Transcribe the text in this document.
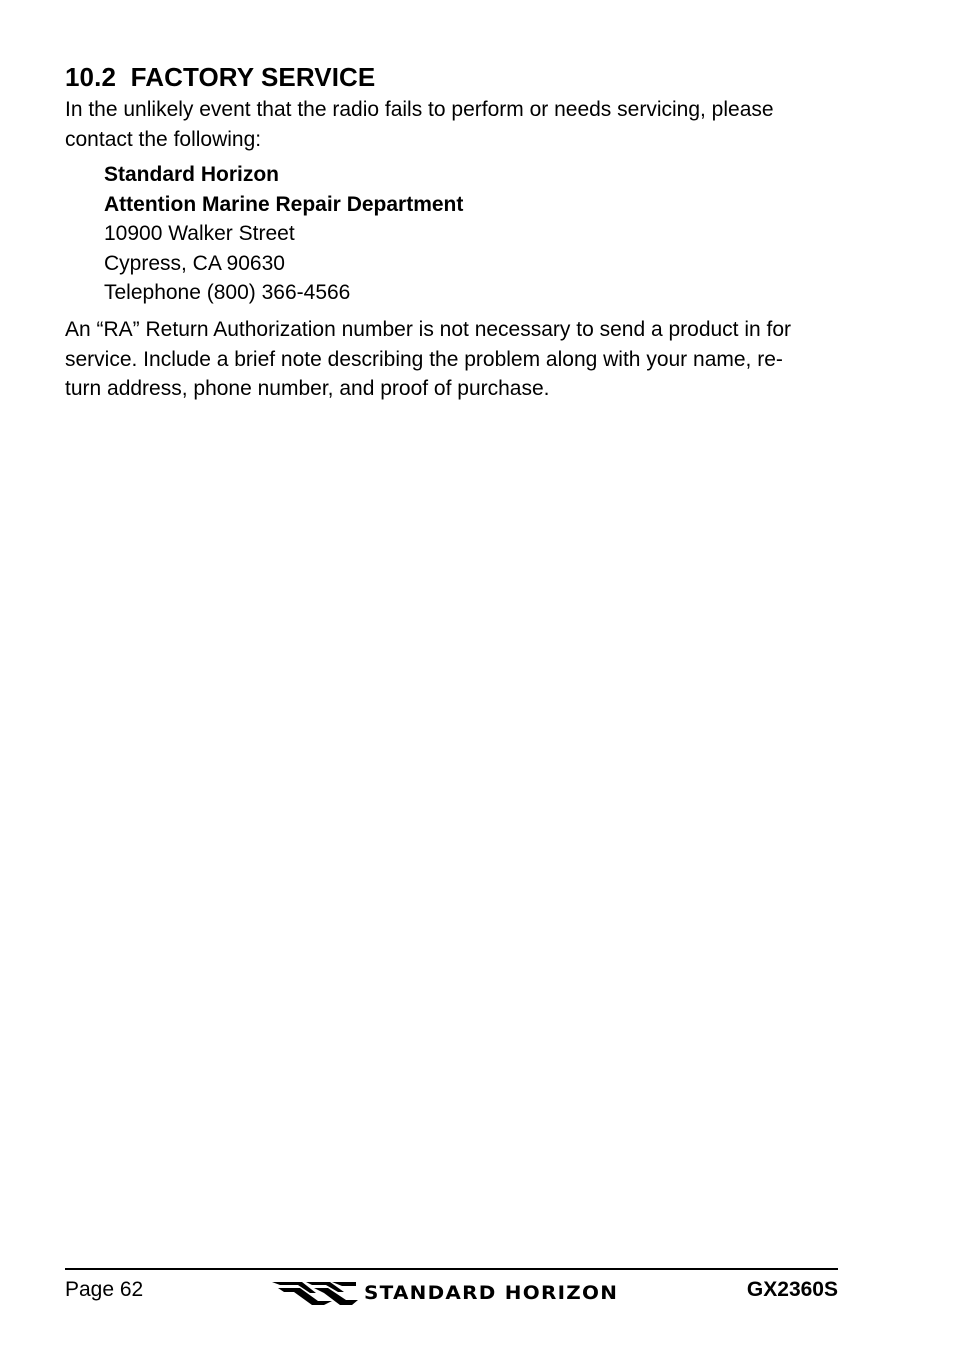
10.2  FACTORY SERVICE

In the unlikely event that the radio fails to perform or needs servicing, please
contact the following:

Standard Horizon
Attention Marine Repair Department
10900 Walker Street
Cypress, CA 90630
Telephone (800) 366-4566

An “RA” Return Authorization number is not necessary to send a product in for
service. Include a brief note describing the problem along with your name, re-
turn address, phone number, and proof of purchase.

Page 62	STANDARD HORIZON	GX2360S
